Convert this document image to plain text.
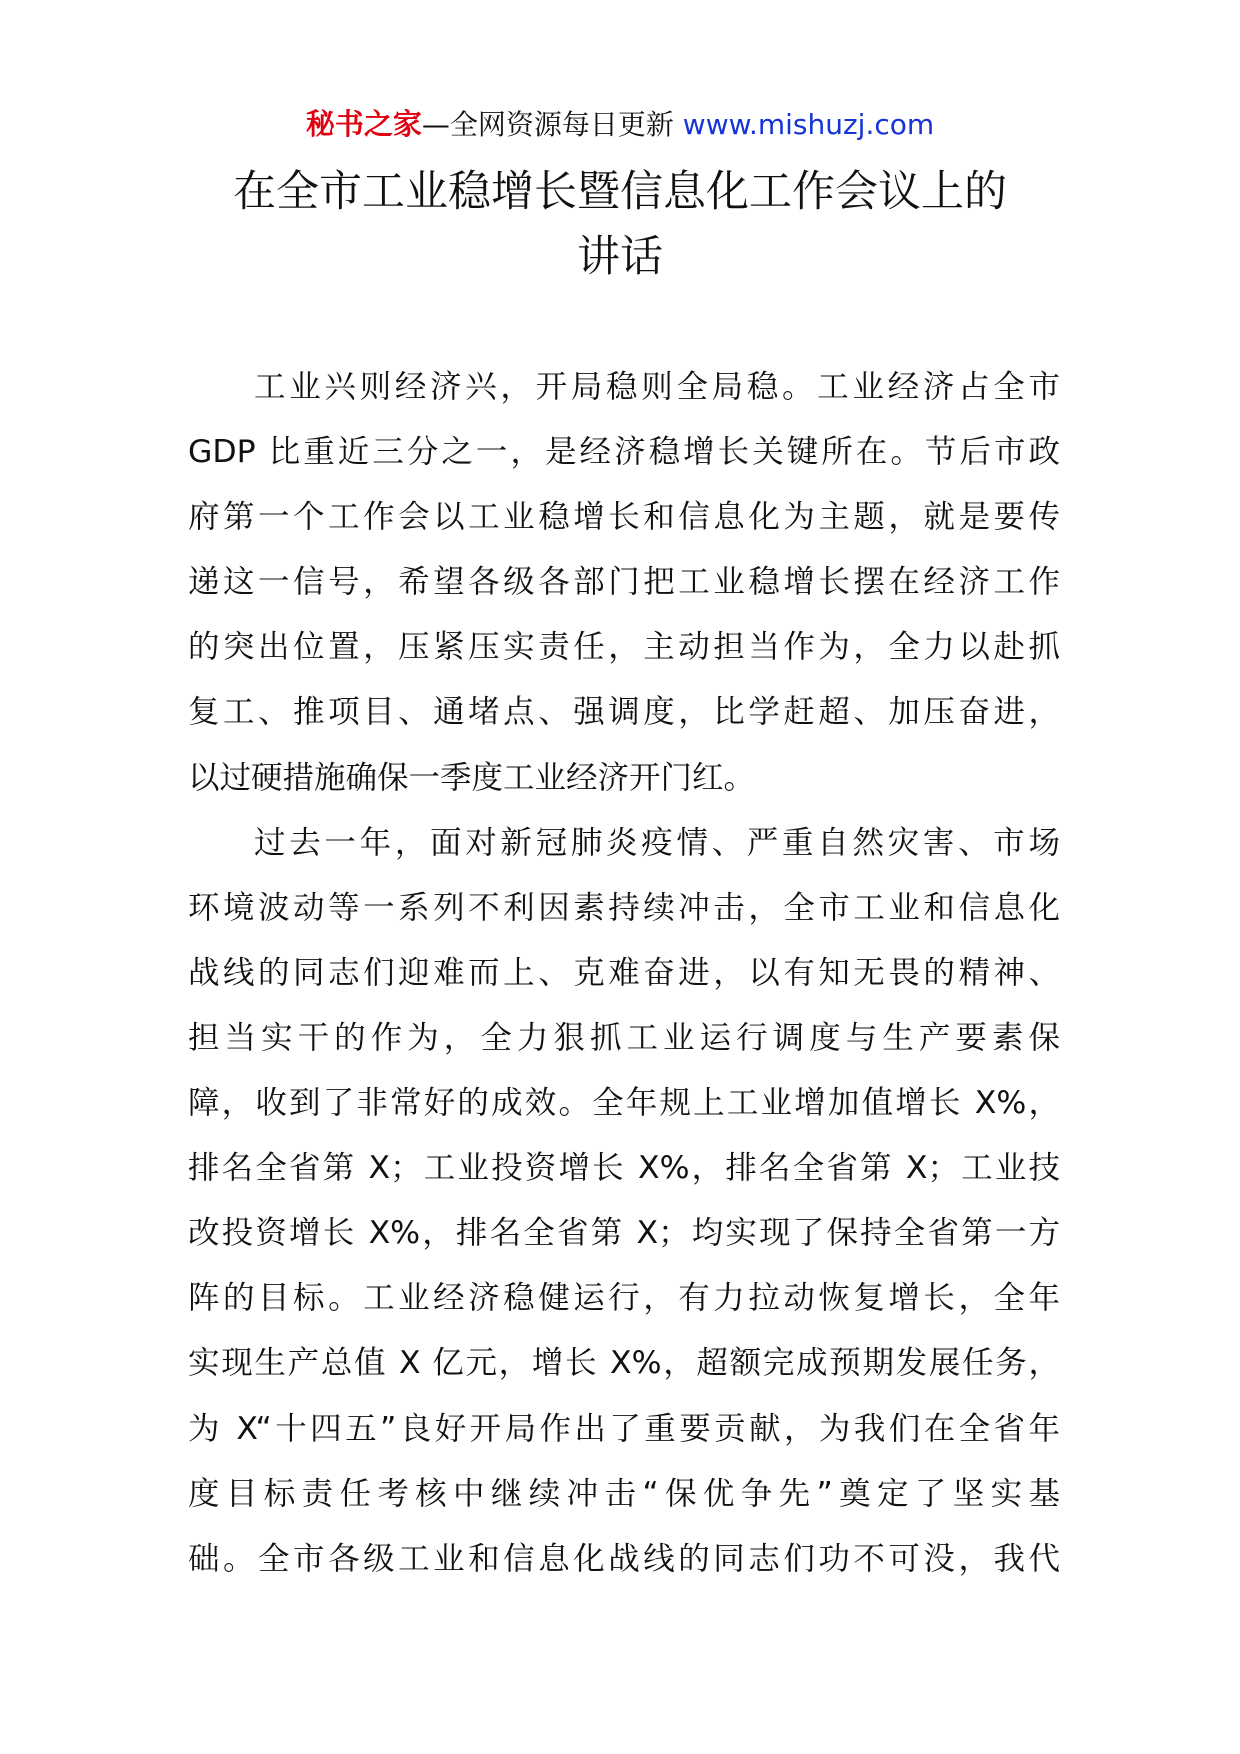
秘书之家—全网资源每日更新 www.mishuzj.com
在全市工业稳增长暨信息化工作会议上的
讲话
工业兴则经济兴，开局稳则全局稳。工业经济占全市
GDP 比重近三分之一，是经济稳增长关键所在。节后市政
府第一个工作会以工业稳增长和信息化为主题，就是要传
递这一信号，希望各级各部门把工业稳增长摆在经济工作
的突出位置，压紧压实责任，主动担当作为，全力以赴抓
复工、推项目、通堵点、强调度，比学赶超、加压奋进，
以过硬措施确保一季度工业经济开门红。
过去一年，面对新冠肺炎疫情、严重自然灾害、市场
环境波动等一系列不利因素持续冲击，全市工业和信息化
战线的同志们迎难而上、克难奋进，以有知无畏的精神、
担当实干的作为，全力狠抓工业运行调度与生产要素保
障，收到了非常好的成效。全年规上工业增加值增长 X%，
排名全省第 X；工业投资增长 X%，排名全省第 X；工业技
改投资增长 X%，排名全省第 X；均实现了保持全省第一方
阵的目标。工业经济稳健运行，有力拉动恢复增长，全年
实现生产总值 X 亿元，增长 X%，超额完成预期发展任务，
为 X“十四五”良好开局作出了重要贡献，为我们在全省年
度目标责任考核中继续冲击“保优争先”奠定了坚实基
础。全市各级工业和信息化战线的同志们功不可没，我代
